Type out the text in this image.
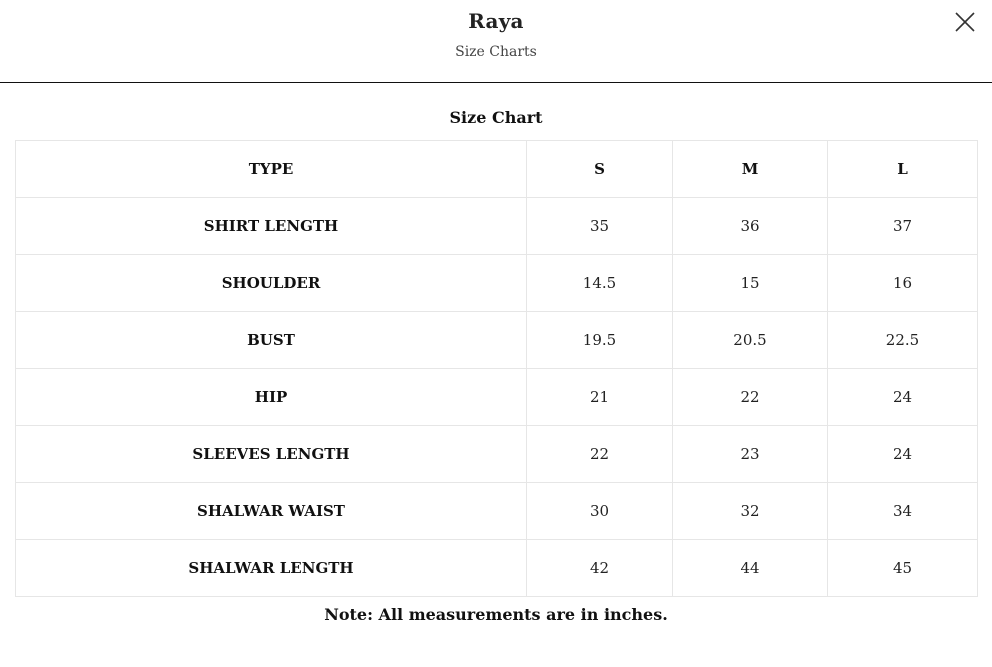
Raya
Size Charts
Size Chart
TYPE	S	M	L
SHIRT LENGTH	35	36	37
SHOULDER	14.5	15	16
BUST	19.5	20.5	22.5
HIP	21	22	24
SLEEVES LENGTH	22	23	24
SHALWAR WAIST	30	32	34
SHALWAR LENGTH	42	44	45
Note: All measurements are in inches.
